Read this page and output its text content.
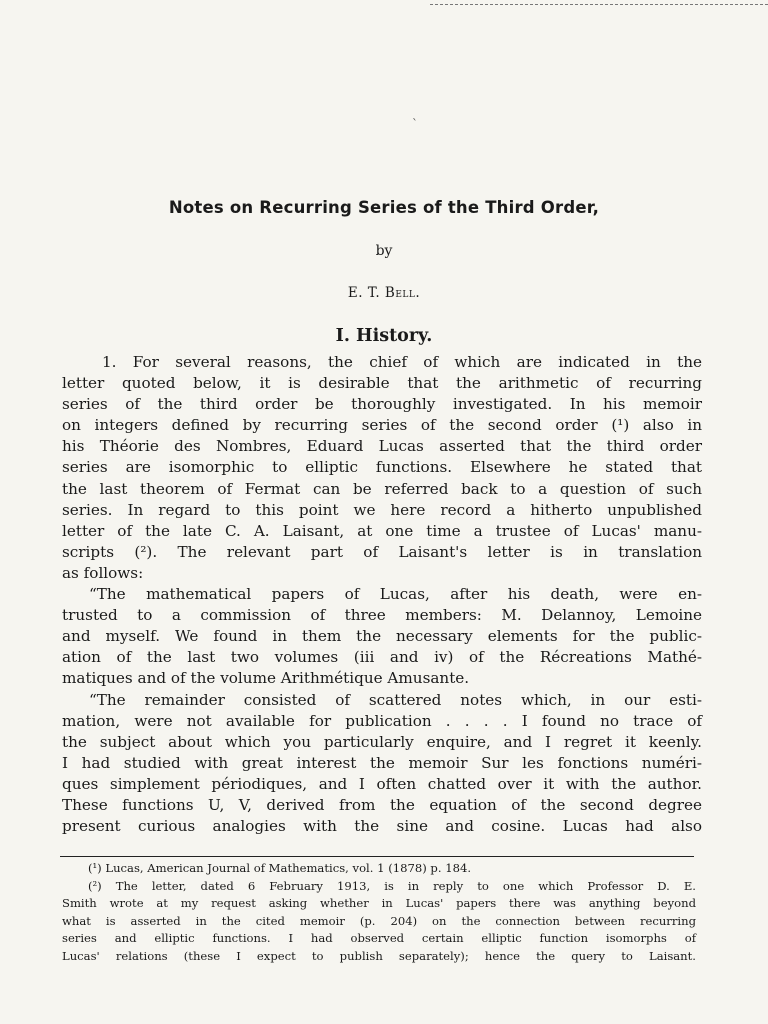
`
Notes on Recurring Series of the Third Order,
by
E. T. Bell.
I. History.
1. For several reasons, the chief of which are indicated in the
letter quoted below, it is desirable that the arithmetic of recurring
series of the third order be thoroughly investigated. In his memoir
on integers defined by recurring series of the second order (¹) also in
his Théorie des Nombres, Eduard Lucas asserted that the third order
series are isomorphic to elliptic functions. Elsewhere he stated that
the last theorem of Fermat can be referred back to a question of such
series. In regard to this point we here record a hitherto unpublished
letter of the late C. A. Laisant, at one time a trustee of Lucas' manu-
scripts (²). The relevant part of Laisant's letter is in translation
as follows:
“The mathematical papers of Lucas, after his death, were en-
trusted to a commission of three members: M. Delannoy, Lemoine
and myself. We found in them the necessary elements for the public-
ation of the last two volumes (iii and iv) of the Récreations Mathé-
matiques and of the volume Arithmétique Amusante.
“The remainder consisted of scattered notes which, in our esti-
mation, were not available for publication . . . . I found no trace of
the subject about which you particularly enquire, and I regret it keenly.
I had studied with great interest the memoir Sur les fonctions numéri-
ques simplement périodiques, and I often chatted over it with the author.
These functions U, V, derived from the equation of the second degree
present curious analogies with the sine and cosine. Lucas had also
(¹) Lucas, American Journal of Mathematics, vol. 1 (1878) p. 184.
(²) The letter, dated 6 February 1913, is in reply to one which Professor D. E.
Smith wrote at my request asking whether in Lucas' papers there was anything beyond
what is asserted in the cited memoir (p. 204) on the connection between recurring
series and elliptic functions. I had observed certain elliptic function isomorphs of
Lucas' relations (these I expect to publish separately); hence the query to Laisant.
